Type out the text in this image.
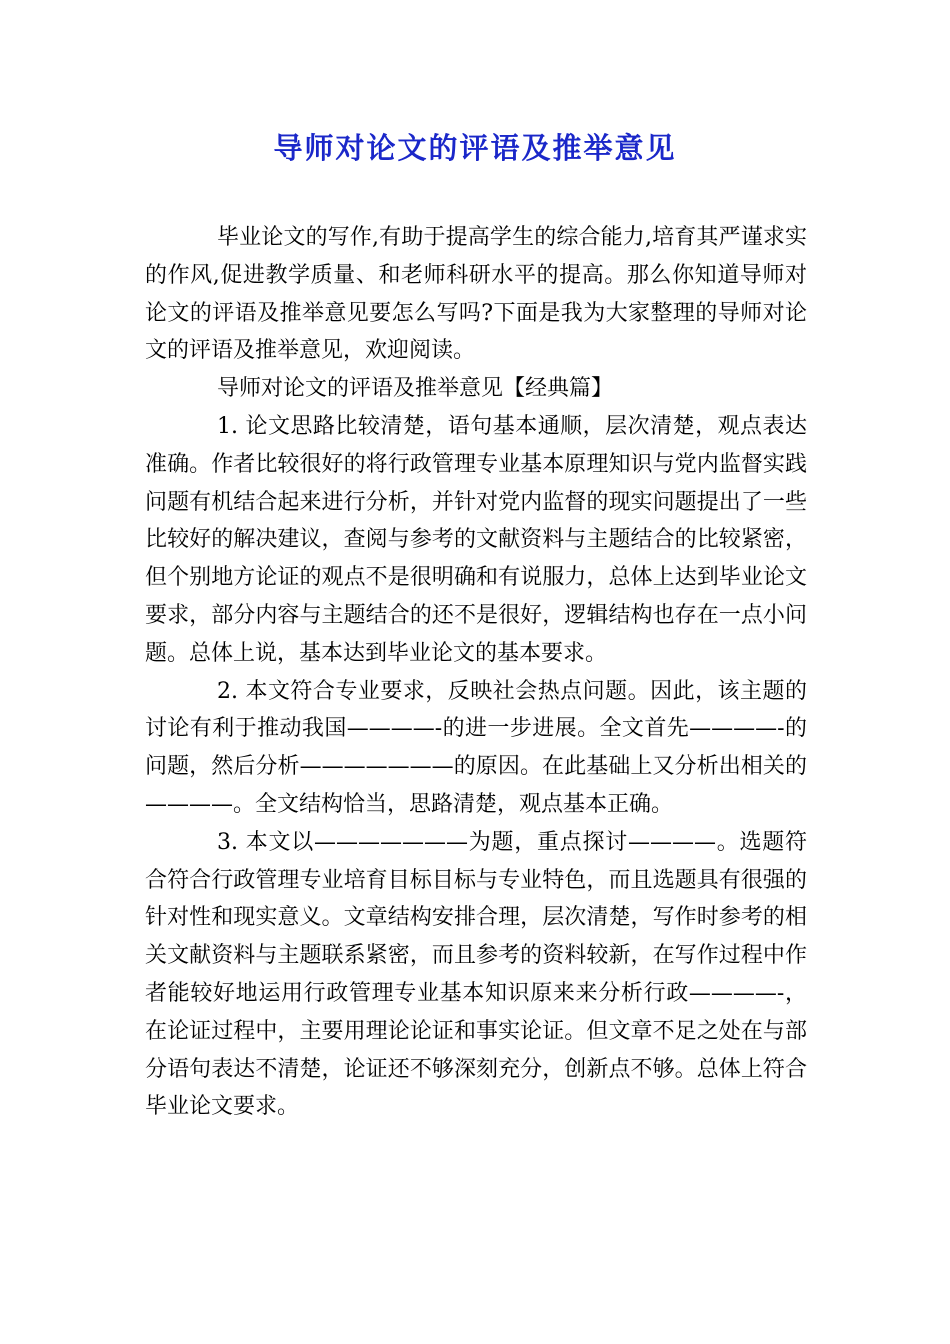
导师对论文的评语及推举意见

毕业论文的写作,有助于提高学生的综合能力,培育其严谨求实的作风,促进教学质量、和老师科研水平的提高。那么你知道导师对论文的评语及推举意见要怎么写吗?下面是我为大家整理的导师对论文的评语及推举意见，欢迎阅读。

导师对论文的评语及推举意见【经典篇】

1. 论文思路比较清楚，语句基本通顺，层次清楚，观点表达准确。作者比较很好的将行政管理专业基本原理知识与党内监督实践问题有机结合起来进行分析，并针对党内监督的现实问题提出了一些比较好的解决建议，查阅与参考的文献资料与主题结合的比较紧密，但个别地方论证的观点不是很明确和有说服力，总体上达到毕业论文要求，部分内容与主题结合的还不是很好，逻辑结构也存在一点小问题。总体上说，基本达到毕业论文的基本要求。

2. 本文符合专业要求，反映社会热点问题。因此，该主题的讨论有利于推动我国————-的进一步进展。全文首先————-的问题，然后分析———————的原因。在此基础上又分析出相关的————。全文结构恰当，思路清楚，观点基本正确。

3. 本文以———————为题，重点探讨————。选题符合符合行政管理专业培育目标目标与专业特色，而且选题具有很强的针对性和现实意义。文章结构安排合理，层次清楚，写作时参考的相关文献资料与主题联系紧密，而且参考的资料较新，在写作过程中作者能较好地运用行政管理专业基本知识原来来分析行政————-，在论证过程中，主要用理论论证和事实论证。但文章不足之处在与部分语句表达不清楚，论证还不够深刻充分，创新点不够。总体上符合毕业论文要求。
